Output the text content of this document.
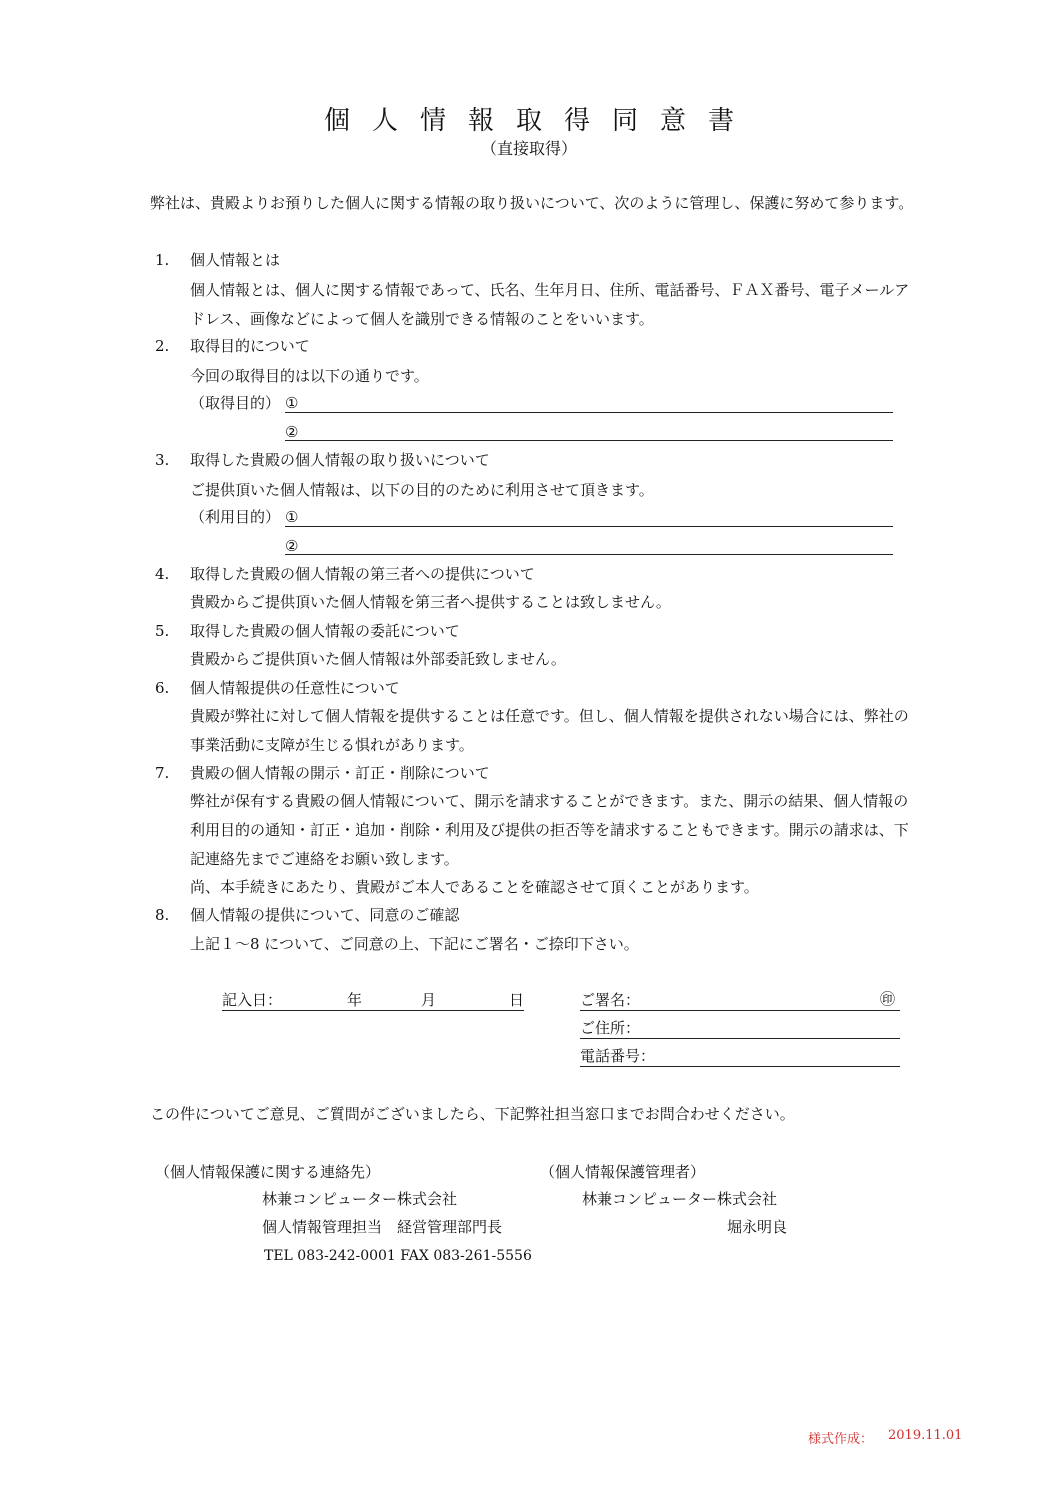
個人情報取得同意書
（直接取得）
弊社は、貴殿よりお預りした個人に関する情報の取り扱いについて、次のように管理し、保護に努めて参ります。
1. 個人情報とは
個人情報とは、個人に関する情報であって、氏名、生年月日、住所、電話番号、ＦＡＸ番号、電子メールア
ドレス、画像などによって個人を識別できる情報のことをいいます。
2. 取得目的について
今回の取得目的は以下の通りです。
（取得目的） ①
②
3. 取得した貴殿の個人情報の取り扱いについて
ご提供頂いた個人情報は、以下の目的のために利用させて頂きます。
（利用目的） ①
②
4. 取得した貴殿の個人情報の第三者への提供について
貴殿からご提供頂いた個人情報を第三者へ提供することは致しません。
5. 取得した貴殿の個人情報の委託について
貴殿からご提供頂いた個人情報は外部委託致しません。
6. 個人情報提供の任意性について
貴殿が弊社に対して個人情報を提供することは任意です。但し、個人情報を提供されない場合には、弊社の
事業活動に支障が生じる惧れがあります。
7. 貴殿の個人情報の開示・訂正・削除について
弊社が保有する貴殿の個人情報について、開示を請求することができます。また、開示の結果、個人情報の
利用目的の通知・訂正・追加・削除・利用及び提供の拒否等を請求することもできます。開示の請求は、下
記連絡先までご連絡をお願い致します。
尚、本手続きにあたり、貴殿がご本人であることを確認させて頂くことがあります。
8. 個人情報の提供について、同意のご確認
上記１～8 について、ご同意の上、下記にご署名・ご捺印下さい。
記入日：	年	月	日	ご署名：	㊞
ご住所：
電話番号：
この件についてご意見、ご質問がございましたら、下記弊社担当窓口までお問合わせください。
（個人情報保護に関する連絡先）
林兼コンピューター株式会社
個人情報管理担当　経営管理部門長
TEL 083-242-0001 FAX 083-261-5556
（個人情報保護管理者）
林兼コンピューター株式会社
堀永明良
様式作成： 2019.11.01
